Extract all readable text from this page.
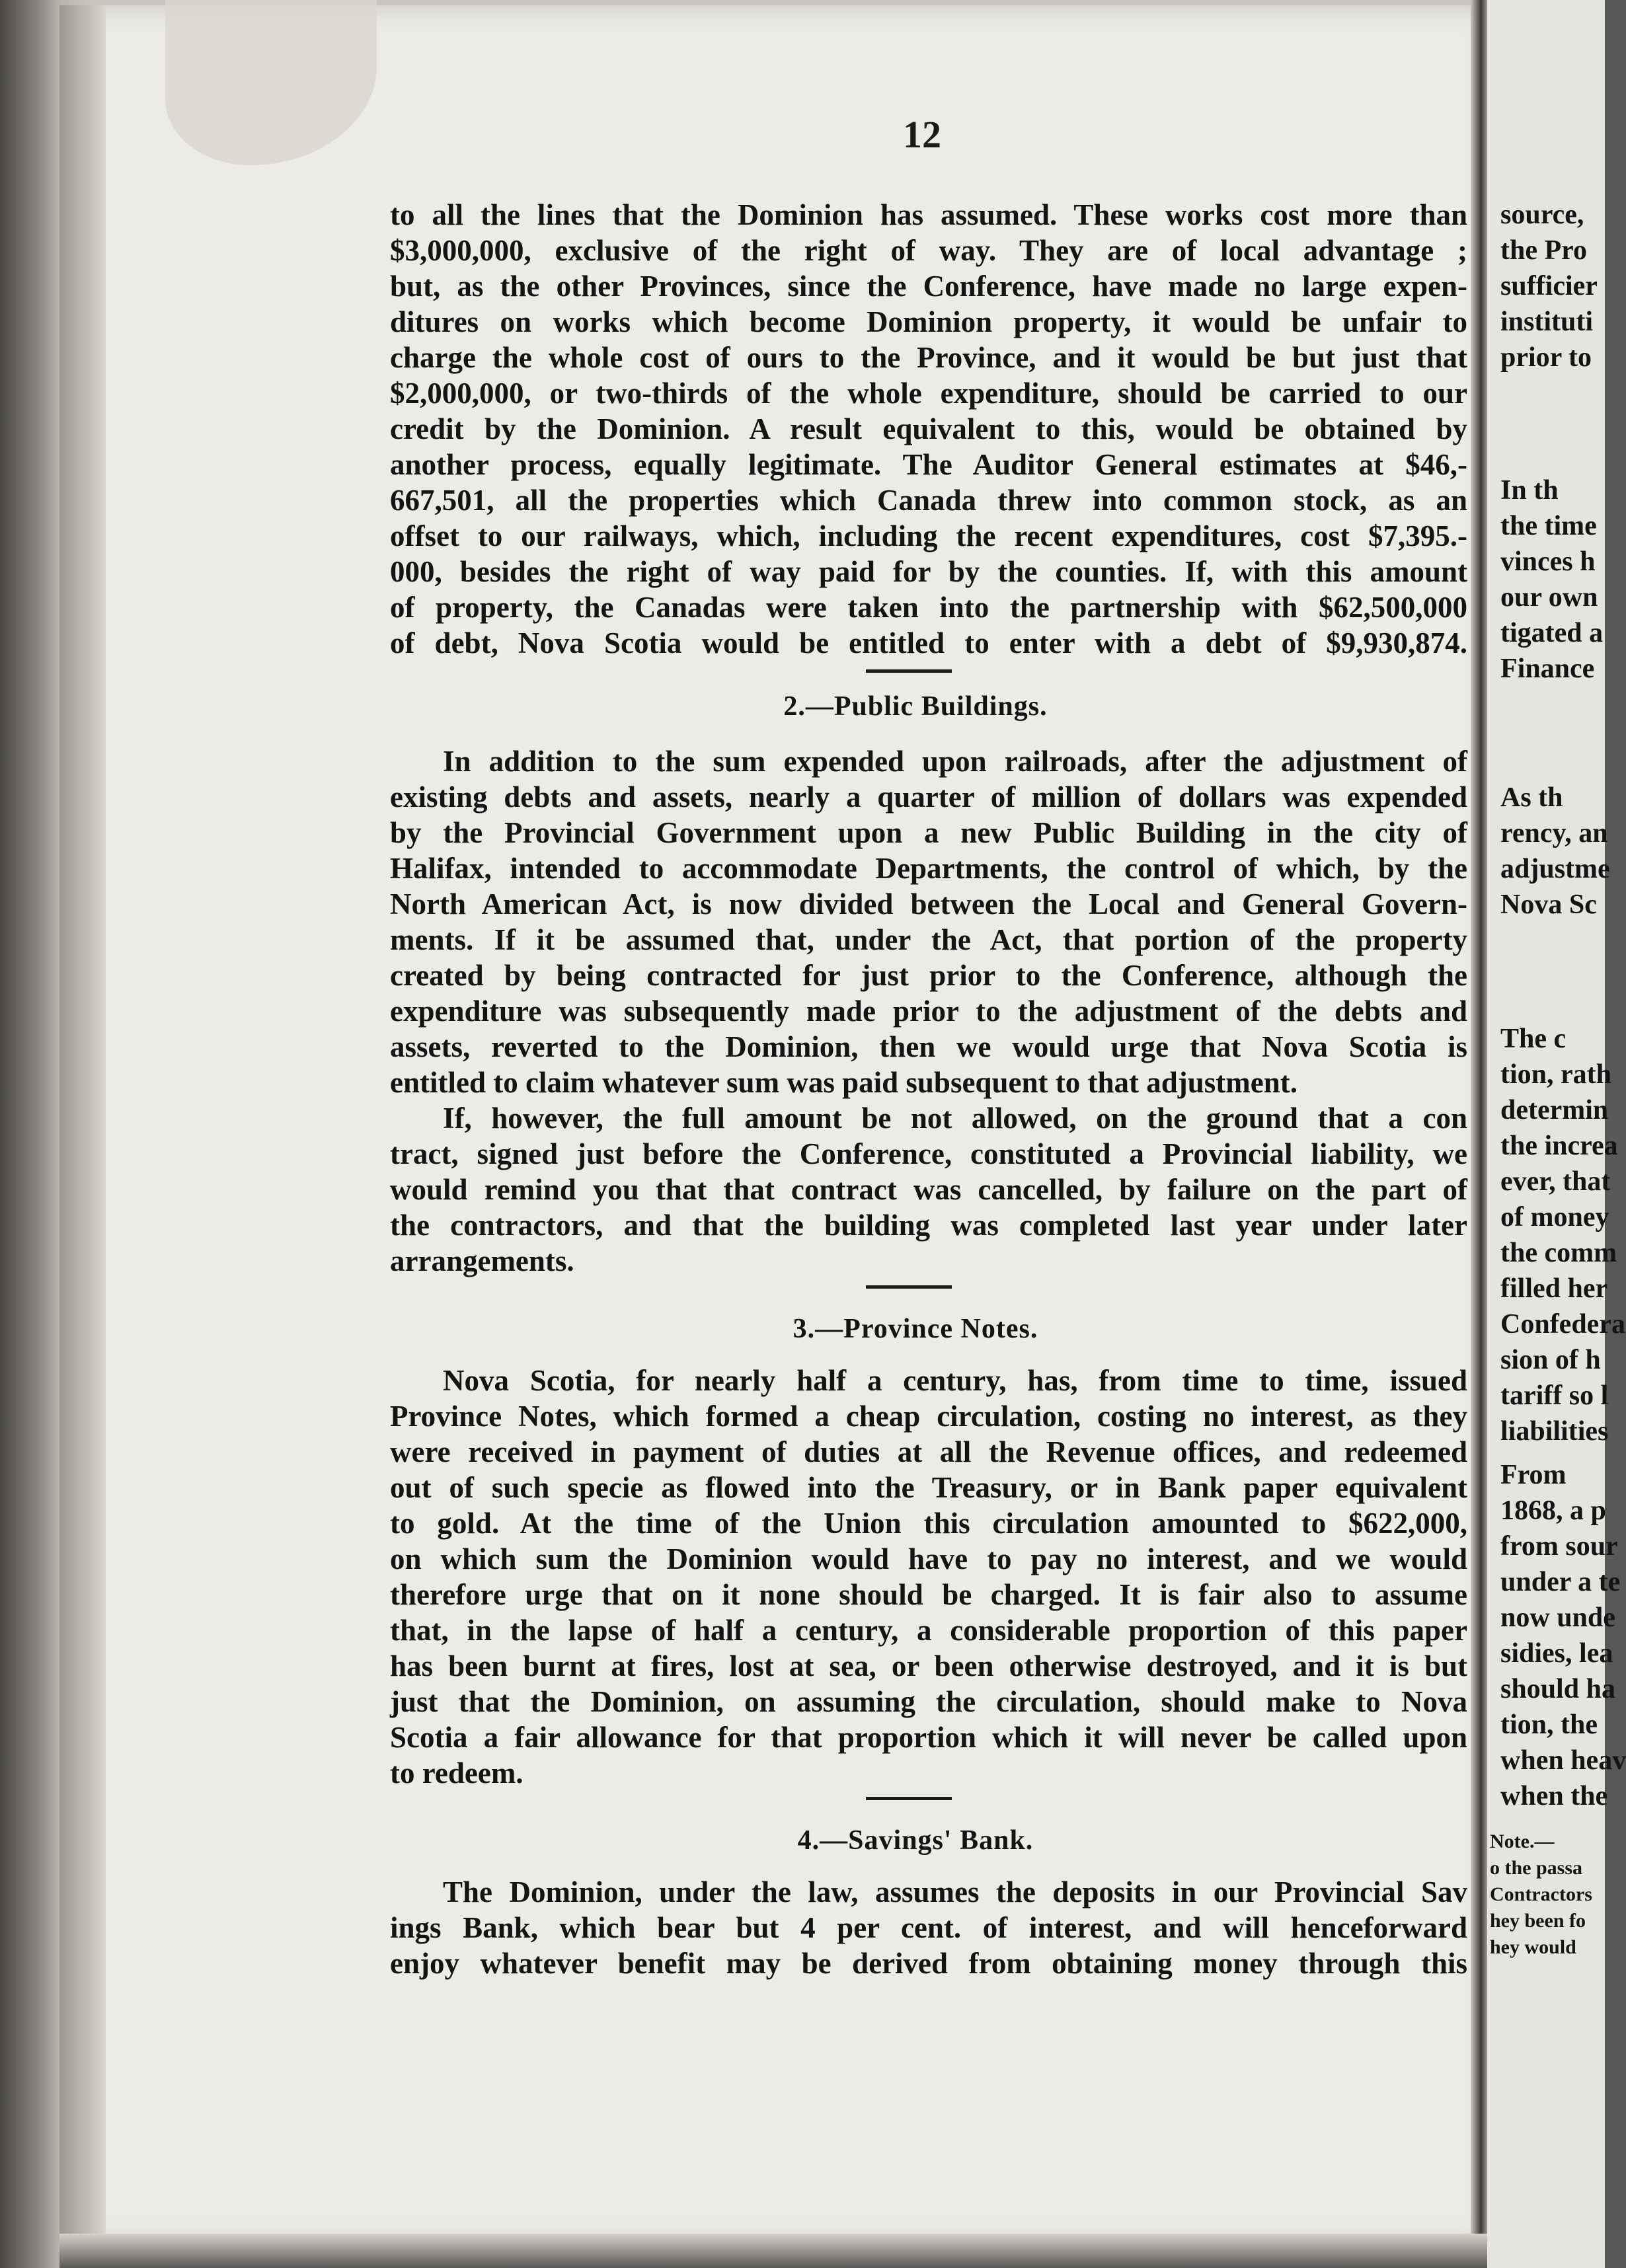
12
to all the lines that the Dominion has assumed. These works cost more than
$3,000,000, exclusive of the right of way. They are of local advantage ;
but, as the other Provinces, since the Conference, have made no large expen-
ditures on works which become Dominion property, it would be unfair to
charge the whole cost of ours to the Province, and it would be but just that
$2,000,000, or two-thirds of the whole expenditure, should be carried to our
credit by the Dominion. A result equivalent to this, would be obtained by
another process, equally legitimate. The Auditor General estimates at $46,-
667,501, all the properties which Canada threw into common stock, as an
offset to our railways, which, including the recent expenditures, cost $7,395.-
000, besides the right of way paid for by the counties. If, with this amount
of property, the Canadas were taken into the partnership with $62,500,000
of debt, Nova Scotia would be entitled to enter with a debt of $9,930,874.
2.—Public Buildings.
In addition to the sum expended upon railroads, after the adjustment of
existing debts and assets, nearly a quarter of million of dollars was expended
by the Provincial Government upon a new Public Building in the city of
Halifax, intended to accommodate Departments, the control of which, by the
North American Act, is now divided between the Local and General Govern-
ments. If it be assumed that, under the Act, that portion of the property
created by being contracted for just prior to the Conference, although the
expenditure was subsequently made prior to the adjustment of the debts and
assets, reverted to the Dominion, then we would urge that Nova Scotia is
entitled to claim whatever sum was paid subsequent to that adjustment.
If, however, the full amount be not allowed, on the ground that a con
tract, signed just before the Conference, constituted a Provincial liability, we
would remind you that that contract was cancelled, by failure on the part of
the contractors, and that the building was completed last year under later
arrangements.
3.—Province Notes.
Nova Scotia, for nearly half a century, has, from time to time, issued
Province Notes, which formed a cheap circulation, costing no interest, as they
were received in payment of duties at all the Revenue offices, and redeemed
out of such specie as flowed into the Treasury, or in Bank paper equivalent
to gold. At the time of the Union this circulation amounted to $622,000,
on which sum the Dominion would have to pay no interest, and we would
therefore urge that on it none should be charged. It is fair also to assume
that, in the lapse of half a century, a considerable proportion of this paper
has been burnt at fires, lost at sea, or been otherwise destroyed, and it is but
just that the Dominion, on assuming the circulation, should make to Nova
Scotia a fair allowance for that proportion which it will never be called upon
to redeem.
4.—Savings' Bank.
The Dominion, under the law, assumes the deposits in our Provincial Sav
ings Bank, which bear but 4 per cent. of interest, and will henceforward
enjoy whatever benefit may be derived from obtaining money through this
source,
the Pro
sufficier
instituti
prior to
In th
the time
vinces h
our own
tigated a
Finance
As th
rency, an
adjustme
Nova Sc
The c
tion, rath
determin
the increa
ever, that
of money
the comm
filled her
Confedera
sion of h
tariff so l
liabilities
From
1868, a p
from sour
under a te
now unde
sidies, lea
should ha
tion, the
when heav
when the
Note.—
o the passa
Contractors
hey been fo
hey would
